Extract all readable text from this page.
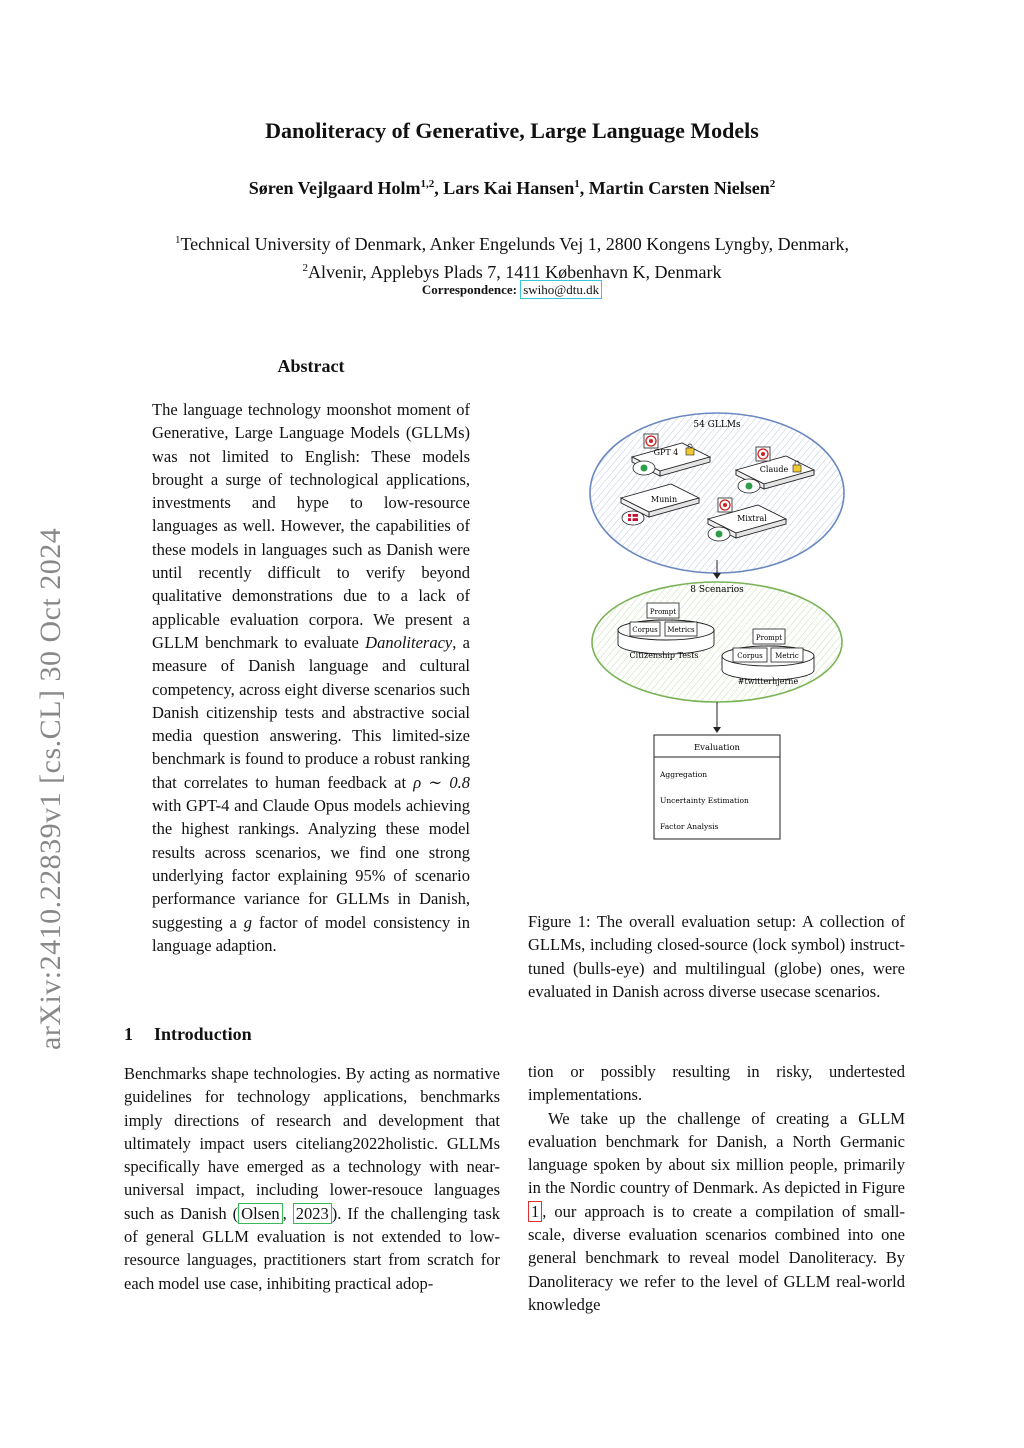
Danoliteracy of Generative, Large Language Models
Søren Vejlgaard Holm$^{1,2}$, Lars Kai Hansen$^1$, Martin Carsten Nielsen$^2$
$^1$Technical University of Denmark, Anker Engelunds Vej 1, 2800 Kongens Lyngby, Denmark,
$^2$Alvenir, Applebys Plads 7, 1411 København K, Denmark
Correspondence: swiho@dtu.dk
arXiv:2410.22839v1 [cs.CL] 30 Oct 2024
Abstract
The language technology moonshot moment of Generative, Large Language Models (GLLMs) was not limited to English: These models brought a surge of technological applications, investments and hype to low-resource languages as well. However, the capabilities of these models in languages such as Danish were until recently difficult to verify beyond qualitative demonstrations due to a lack of applicable evaluation corpora. We present a GLLM benchmark to evaluate Danoliteracy, a measure of Danish language and cultural competency, across eight diverse scenarios such Danish citizenship tests and abstractive social media question answering. This limited-size benchmark is found to produce a robust ranking that correlates to human feedback at ρ ∼ 0.8 with GPT-4 and Claude Opus models achieving the highest rankings. Analyzing these model results across scenarios, we find one strong underlying factor explaining 95% of scenario performance variance for GLLMs in Danish, suggesting a g factor of model consistency in language adaption.
1 Introduction
Benchmarks shape technologies. By acting as normative guidelines for technology applications, benchmarks imply directions of research and development that ultimately impact users citeliang2022holistic. GLLMs specifically have emerged as a technology with near-universal impact, including lower-resouce languages such as Danish ( Olsen , 2023 ). If the challenging task of general GLLM evaluation is not extended to low-resource languages, practitioners start from scratch for each model use case, inhibiting practical adop-
54 GLLMs
GPT 4
Claude
Munin
Mixtral
8 Scenarios
Citizenship Tests
Corpus Metrics
Prompt
#twitterhjerne
Corpus Metric
Prompt
Evaluation
Aggregation
Uncertainty Estimation
Factor Analysis
Figure 1: The overall evaluation setup: A collection of GLLMs, including closed-source (lock symbol) instruct-tuned (bulls-eye) and multilingual (globe) ones, were evaluated in Danish across diverse usecase scenarios.

tion or possibly resulting in risky, undertested implementations.

We take up the challenge of creating a GLLM evaluation benchmark for Danish, a North Germanic language spoken by about six million people, primarily in the Nordic country of Denmark. As depicted in Figure 1 , our approach is to create a compilation of small-scale, diverse evaluation scenarios combined into one general benchmark to reveal model Danoliteracy. By Danoliteracy we refer to the level of GLLM real-world knowledge
